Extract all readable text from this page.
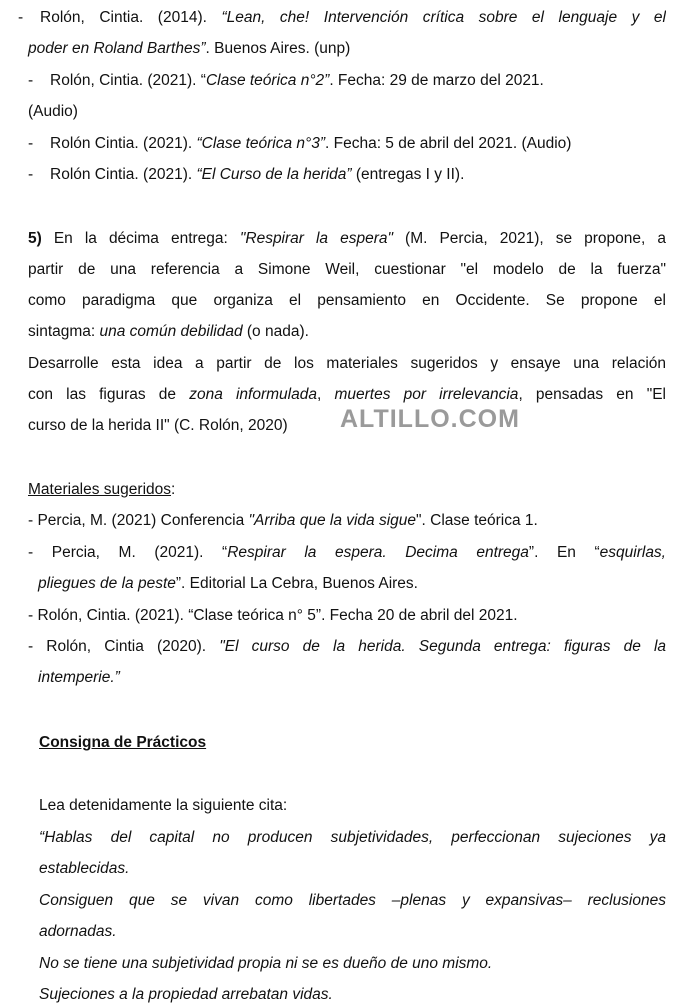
- Rolón, Cintia. (2014). “Lean, che! Intervención crítica sobre el lenguaje y el
poder en Roland Barthes”. Buenos Aires. (unp)
- Rolón, Cintia. (2021). “Clase teórica n°2”. Fecha: 29 de marzo del 2021.
(Audio)
- Rolón Cintia. (2021). “Clase teórica n°3”. Fecha: 5 de abril del 2021. (Audio)
- Rolón Cintia. (2021). “El Curso de la herida” (entregas I y II).
5) En la décima entrega: "Respirar la espera" (M. Percia, 2021), se propone, a
partir de una referencia a Simone Weil, cuestionar "el modelo de la fuerza"
como paradigma que organiza el pensamiento en Occidente. Se propone el
sintagma: una común debilidad (o nada).
Desarrolle esta idea a partir de los materiales sugeridos y ensaye una relación
con las figuras de zona informulada, muertes por irrelevancia, pensadas en "El
curso de la herida II" (C. Rolón, 2020) ALTILLO.COM
Materiales sugeridos:
- Percia, M. (2021) Conferencia "Arriba que la vida sigue". Clase teórica 1.
- Percia, M. (2021). “Respirar la espera. Decima entrega”. En “esquirlas,
pliegues de la peste”. Editorial La Cebra, Buenos Aires.
- Rolón, Cintia. (2021). “Clase teórica n° 5”. Fecha 20 de abril del 2021.
- Rolón, Cintia (2020). "El curso de la herida. Segunda entrega: figuras de la
intemperie.”
Consigna de Prácticos
Lea detenidamente la siguiente cita:
“Hablas del capital no producen subjetividades, perfeccionan sujeciones ya
establecidas.
Consiguen que se vivan como libertades –plenas y expansivas– reclusiones
adornadas.
No se tiene una subjetividad propia ni se es dueño de uno mismo.
Sujeciones a la propiedad arrebatan vidas.
